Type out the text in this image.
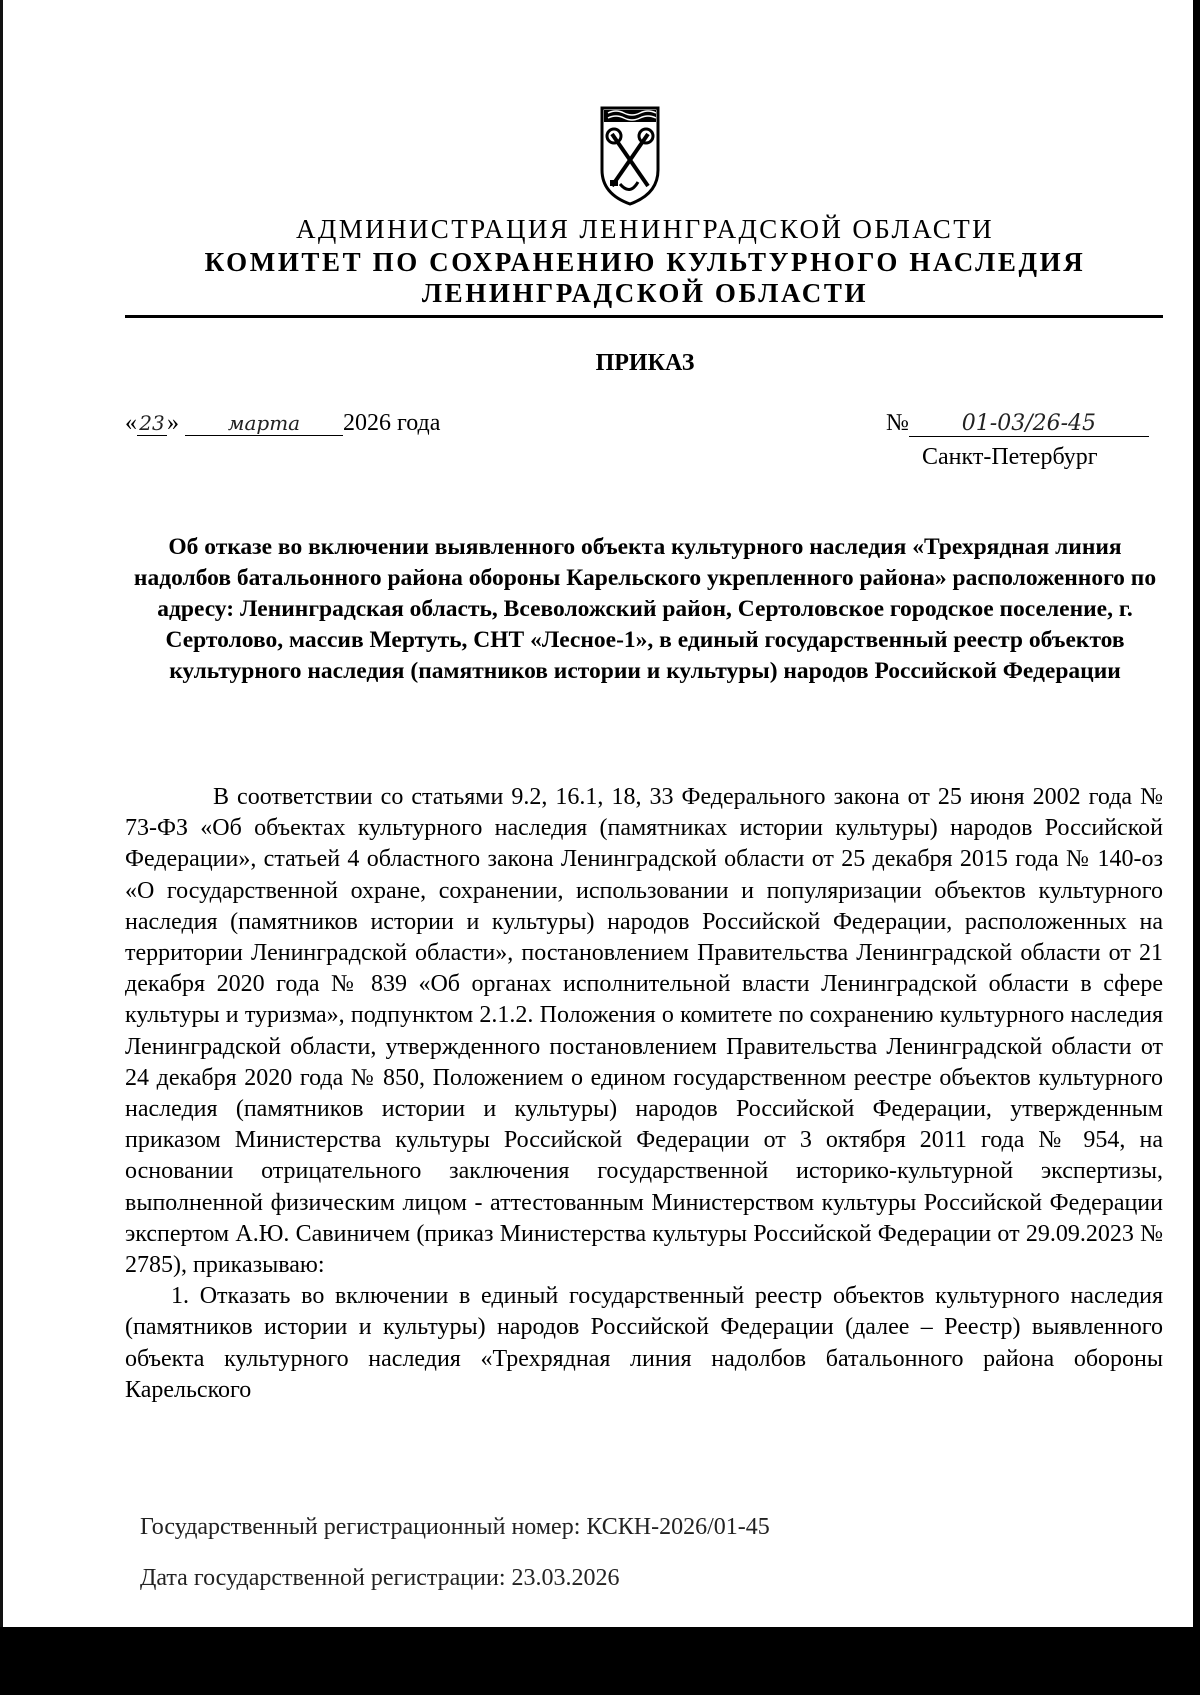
АДМИНИСТРАЦИЯ ЛЕНИНГРАДСКОЙ ОБЛАСТИ
КОМИТЕТ ПО СОХРАНЕНИЮ КУЛЬТУРНОГО НАСЛЕДИЯ
ЛЕНИНГРАДСКОЙ ОБЛАСТИ
ПРИКАЗ
« 23» марта 2026 года	№ 01-03/26-45
Санкт-Петербург

Об отказе во включении выявленного объекта культурного наследия «Трехрядная линия надолбов батальонного района обороны Карельского укрепленного района» расположенного по адресу: Ленинградская область, Всеволожский район, Сертоловское городское поселение, г. Сертолово, массив Мертуть, СНТ «Лесное-1», в единый государственный реестр объектов культурного наследия (памятников истории и культуры) народов Российской Федерации

В соответствии со статьями 9.2, 16.1, 18, 33 Федерального закона от 25 июня 2002 года № 73-ФЗ «Об объектах культурного наследия (памятниках истории культуры) народов Российской Федерации», статьей 4 областного закона Ленинградской области от 25 декабря 2015 года № 140-оз «О государственной охране, сохранении, использовании и популяризации объектов культурного наследия (памятников истории и культуры) народов Российской Федерации, расположенных на территории Ленинградской области», постановлением Правительства Ленинградской области от 21 декабря 2020 года № 839 «Об органах исполнительной власти Ленинградской области в сфере культуры и туризма», подпунктом 2.1.2. Положения о комитете по сохранению культурного наследия Ленинградской области, утвержденного постановлением Правительства Ленинградской области от 24 декабря 2020 года № 850, Положением о едином государственном реестре объектов культурного наследия (памятников истории и культуры) народов Российской Федерации, утвержденным приказом Министерства культуры Российской Федерации от 3 октября 2011 года № 954, на основании отрицательного заключения государственной историко-культурной экспертизы, выполненной физическим лицом - аттестованным Министерством культуры Российской Федерации экспертом А.Ю. Савиничем (приказ Министерства культуры Российской Федерации от 29.09.2023 № 2785), приказываю:

1. Отказать во включении в единый государственный реестр объектов культурного наследия (памятников истории и культуры) народов Российской Федерации (далее – Реестр) выявленного объекта культурного наследия «Трехрядная линия надолбов батальонного района обороны Карельского

Государственный регистрационный номер: КСКН-2026/01-45
Дата государственной регистрации: 23.03.2026
